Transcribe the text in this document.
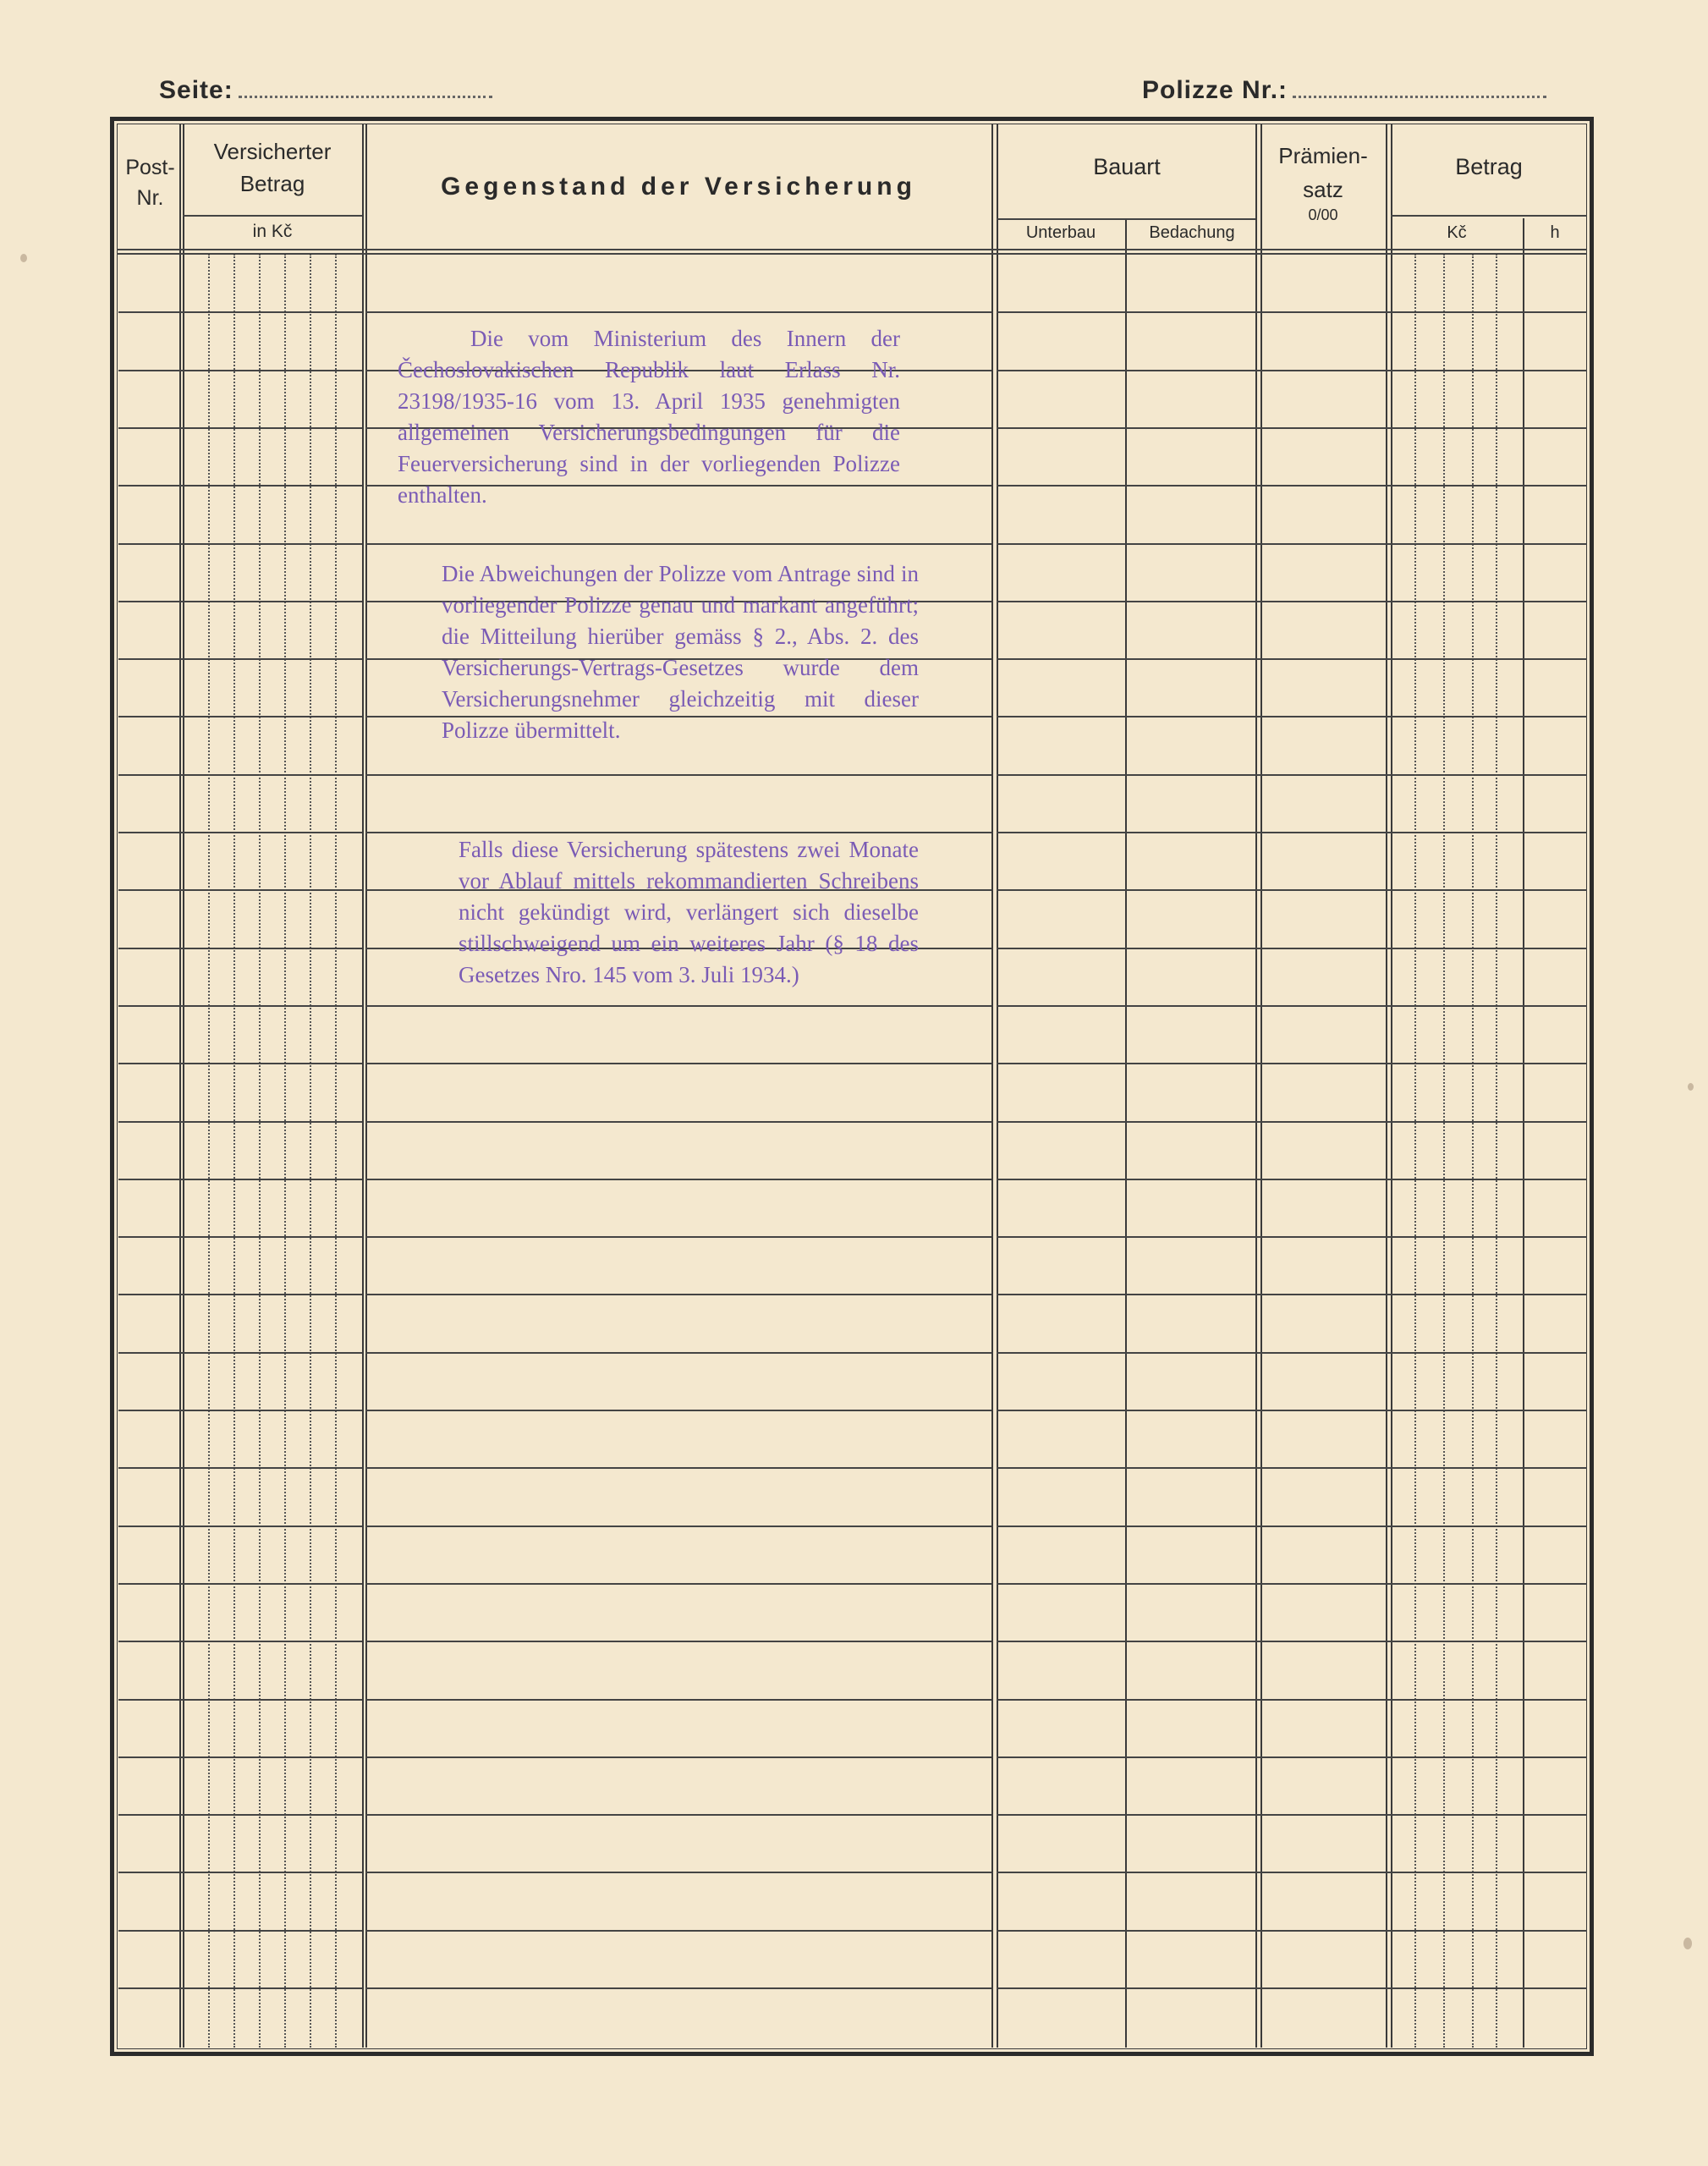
Seite:	Polizze Nr.:
Post-
Nr.
Versicherter
Betrag
in Kč
Gegenstand der Versicherung
Bauart
Unterbau	Bedachung
Prämien-
satz
0/00
Betrag
Kč	h

Die vom Ministerium des Innern der Čechoslovakischen Republik laut Erlass Nr. 23198/1935-16 vom 13. April 1935 genehmigten allgemeinen Versicherungsbedingungen für die Feuerversicherung sind in der vorliegenden Polizze enthalten.

Die Abweichungen der Polizze vom Antrage sind in vorliegender Polizze genau und markant angeführt; die Mitteilung hierüber gemäss § 2., Abs. 2. des Versicherungs-Vertrags-Gesetzes wurde dem Versicherungsnehmer gleichzeitig mit dieser Polizze übermittelt.

Falls diese Versicherung spätestens zwei Monate vor Ablauf mittels rekommandierten Schreibens nicht gekündigt wird, verlängert sich dieselbe stillschweigend um ein weiteres Jahr (§ 18 des Gesetzes Nro. 145 vom 3. Juli 1934.)
